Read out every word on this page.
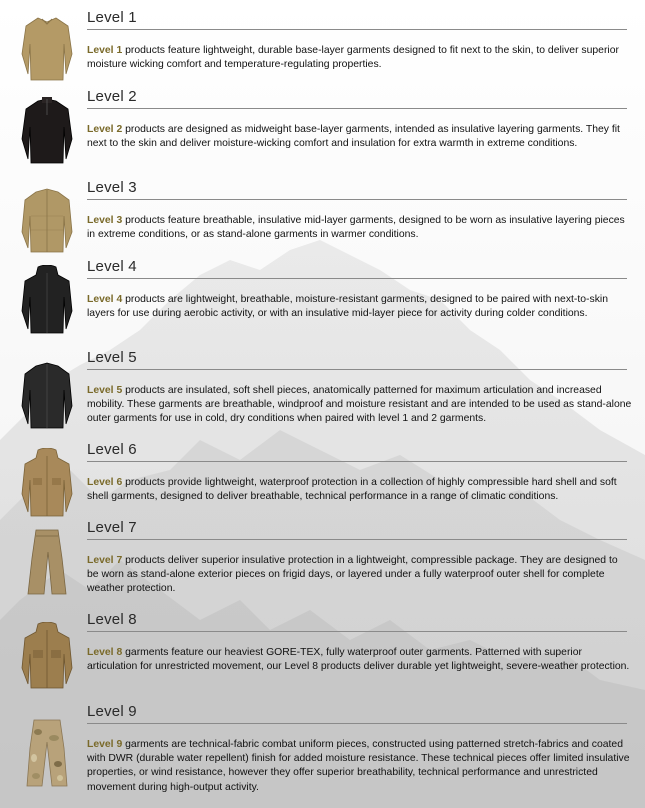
Level 1

Level 1 products feature lightweight, durable base-layer garments designed to fit next to the skin, to deliver superior moisture wicking comfort and temperature-regulating properties.

Level 2

Level 2 products are designed as midweight base-layer garments, intended as insulative layering garments. They fit next to the skin and deliver moisture-wicking comfort and insulation for extra warmth in extreme conditions.

Level 3

Level 3 products feature breathable, insulative mid-layer garments, designed to be worn as insulative layering pieces in extreme conditions, or as stand-alone garments in warmer conditions.

Level 4

Level 4 products are lightweight, breathable, moisture-resistant garments, designed to be paired with next-to-skin layers for use during aerobic activity, or with an insulative mid-layer piece for activity during colder conditions.

Level 5

Level 5 products are insulated, soft shell pieces, anatomically patterned for maximum articulation and increased mobility. These garments are breathable, windproof and moisture resistant and are intended to be used as stand-alone outer garments for use in cold, dry conditions when paired with level 1 and 2 garments.

Level 6

Level 6 products provide lightweight, waterproof protection in a collection of highly compressible hard shell and soft shell garments, designed to deliver breathable, technical performance in a range of climatic conditions.

Level 7

Level 7 products deliver superior insulative protection in a lightweight, compressible package. They are designed to be worn as stand-alone exterior pieces on frigid days, or layered under a fully waterproof outer shell for complete weather protection.

Level 8

Level 8 garments feature our heaviest GORE-TEX, fully waterproof outer garments. Patterned with superior articulation for unrestricted movement, our Level 8 products deliver durable yet lightweight, severe-weather protection.

Level 9

Level 9 garments are technical-fabric combat uniform pieces, constructed using patterned stretch-fabrics and coated with DWR (durable water repellent) finish for added moisture resistance. These technical pieces offer limited insulative properties, or wind resistance, however they offer superior breathability, technical performance and unrestricted movement during high-output activity.
